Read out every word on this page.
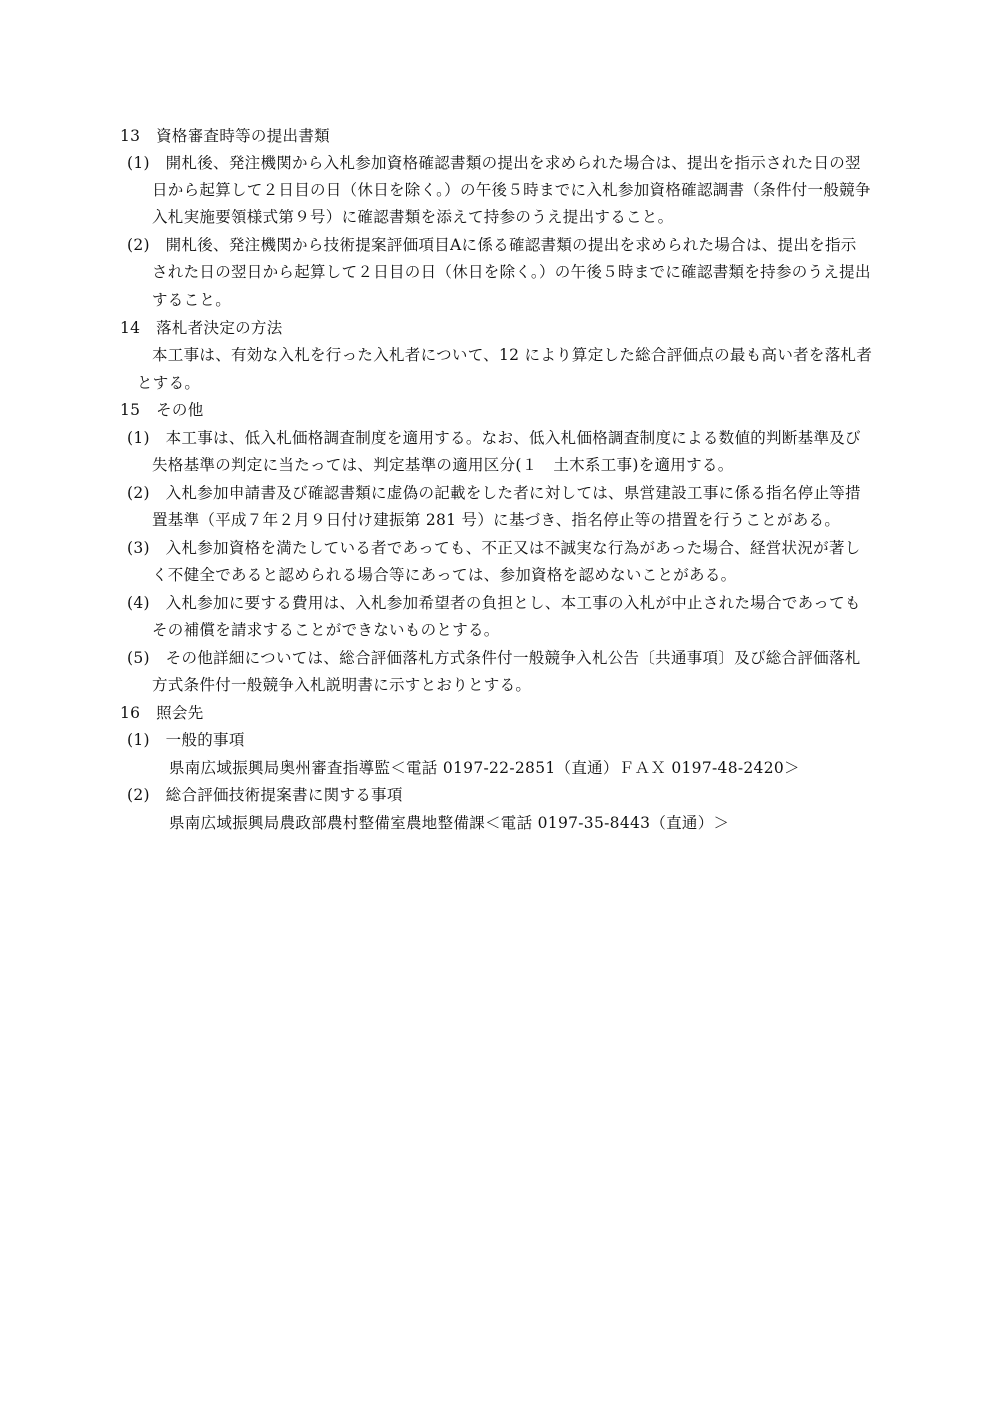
13　資格審査時等の提出書類
(1)　開札後、発注機関から入札参加資格確認書類の提出を求められた場合は、提出を指示された日の翌
日から起算して２日目の日（休日を除く。）の午後５時までに入札参加資格確認調書（条件付一般競争
入札実施要領様式第９号）に確認書類を添えて持参のうえ提出すること。
(2)　開札後、発注機関から技術提案評価項目Aに係る確認書類の提出を求められた場合は、提出を指示
された日の翌日から起算して２日目の日（休日を除く。）の午後５時までに確認書類を持参のうえ提出
すること。
14　落札者決定の方法
本工事は、有効な入札を行った入札者について、12 により算定した総合評価点の最も高い者を落札者
とする。
15　その他
(1)　本工事は、低入札価格調査制度を適用する。なお、低入札価格調査制度による数値的判断基準及び
失格基準の判定に当たっては、判定基準の適用区分(１　土木系工事)を適用する。
(2)　入札参加申請書及び確認書類に虚偽の記載をした者に対しては、県営建設工事に係る指名停止等措
置基準（平成７年２月９日付け建振第 281 号）に基づき、指名停止等の措置を行うことがある。
(3)　入札参加資格を満たしている者であっても、不正又は不誠実な行為があった場合、経営状況が著し
く不健全であると認められる場合等にあっては、参加資格を認めないことがある。
(4)　入札参加に要する費用は、入札参加希望者の負担とし、本工事の入札が中止された場合であっても
その補償を請求することができないものとする。
(5)　その他詳細については、総合評価落札方式条件付一般競争入札公告〔共通事項〕及び総合評価落札
方式条件付一般競争入札説明書に示すとおりとする。
16　照会先
(1)　一般的事項
県南広域振興局奥州審査指導監＜電話 0197-22-2851（直通）ＦＡＸ 0197-48-2420＞
(2)　総合評価技術提案書に関する事項
県南広域振興局農政部農村整備室農地整備課＜電話 0197-35-8443（直通）＞
